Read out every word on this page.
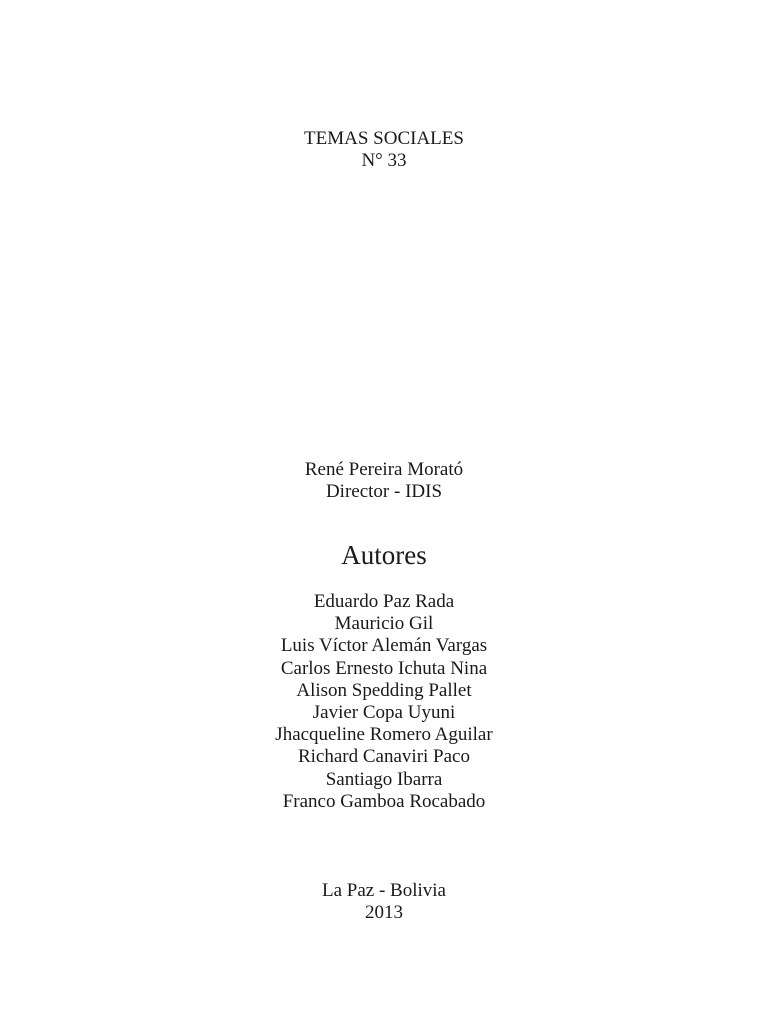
TEMAS SOCIALES
N° 33
René Pereira Morató
Director - IDIS
Autores
Eduardo Paz Rada
Mauricio Gil
Luis Víctor Alemán Vargas
Carlos Ernesto Ichuta Nina
Alison Spedding Pallet
Javier Copa Uyuni
Jhacqueline Romero Aguilar
Richard Canaviri Paco
Santiago Ibarra
Franco Gamboa Rocabado
La Paz - Bolivia
2013
